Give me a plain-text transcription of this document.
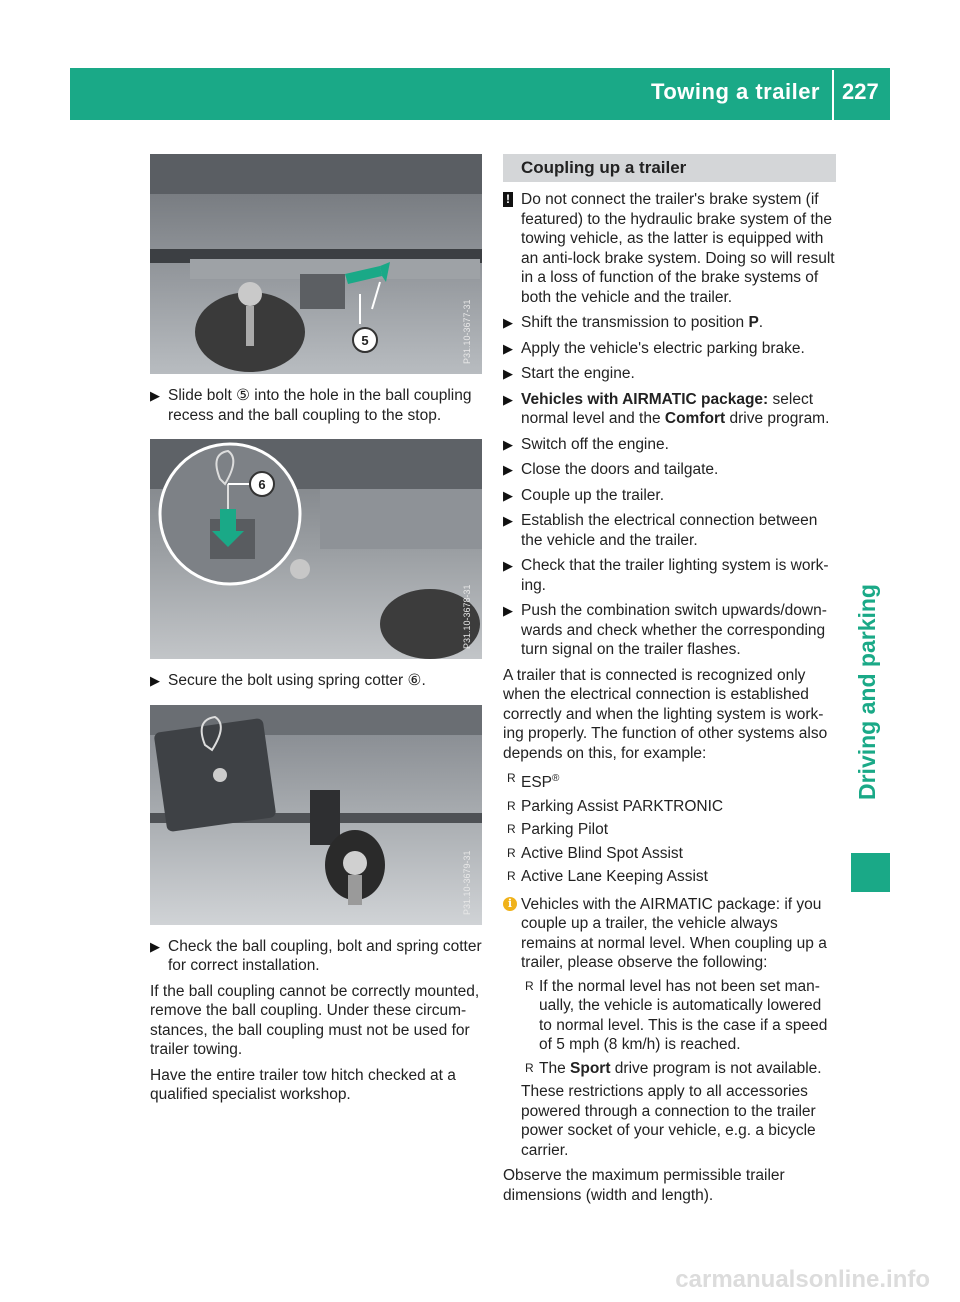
Towing a trailer 227
Driving and parking
5	P31.10-3677-31
▶ Slide bolt ⑤ into the hole in the ball coupling recess and the ball coupling to the stop.
6
P31.10-3678-31
▶ Secure the bolt using spring cotter ⑥.
P31.10-3679-31
▶ Check the ball coupling, bolt and spring cotter for correct installation.
If the ball coupling cannot be correctly mounted, remove the ball coupling. Under these circum-stances, the ball coupling must not be used for trailer towing.
Have the entire trailer tow hitch checked at a qualified specialist workshop.
Coupling up a trailer
! Do not connect the trailer's brake system (if featured) to the hydraulic brake system of the towing vehicle, as the latter is equipped with an anti-lock brake system. Doing so will result in a loss of function of the brake systems of both the vehicle and the trailer.
▶ Shift the transmission to position P.
▶ Apply the vehicle's electric parking brake.
▶ Start the engine.
▶ Vehicles with AIRMATIC package: select normal level and the Comfort drive program.
▶ Switch off the engine.
▶ Close the doors and tailgate.
▶ Couple up the trailer.
▶ Establish the electrical connection between the vehicle and the trailer.
▶ Check that the trailer lighting system is work-ing.
▶ Push the combination switch upwards/down-wards and check whether the corresponding turn signal on the trailer flashes.
A trailer that is connected is recognized only when the electrical connection is established correctly and when the lighting system is work-ing properly. The function of other systems also depends on this, for example:
R ESP®
R Parking Assist PARKTRONIC
R Parking Pilot
R Active Blind Spot Assist
R Active Lane Keeping Assist
i Vehicles with the AIRMATIC package: if you couple up a trailer, the vehicle always remains at normal level. When coupling up a trailer, please observe the following:
R If the normal level has not been set man-ually, the vehicle is automatically lowered to normal level. This is the case if a speed of 5 mph (8 km/h) is reached.
R The Sport drive program is not available.
These restrictions apply to all accessories powered through a connection to the trailer power socket of your vehicle, e.g. a bicycle carrier.
Observe the maximum permissible trailer dimensions (width and length).
carmanualsonline.info
